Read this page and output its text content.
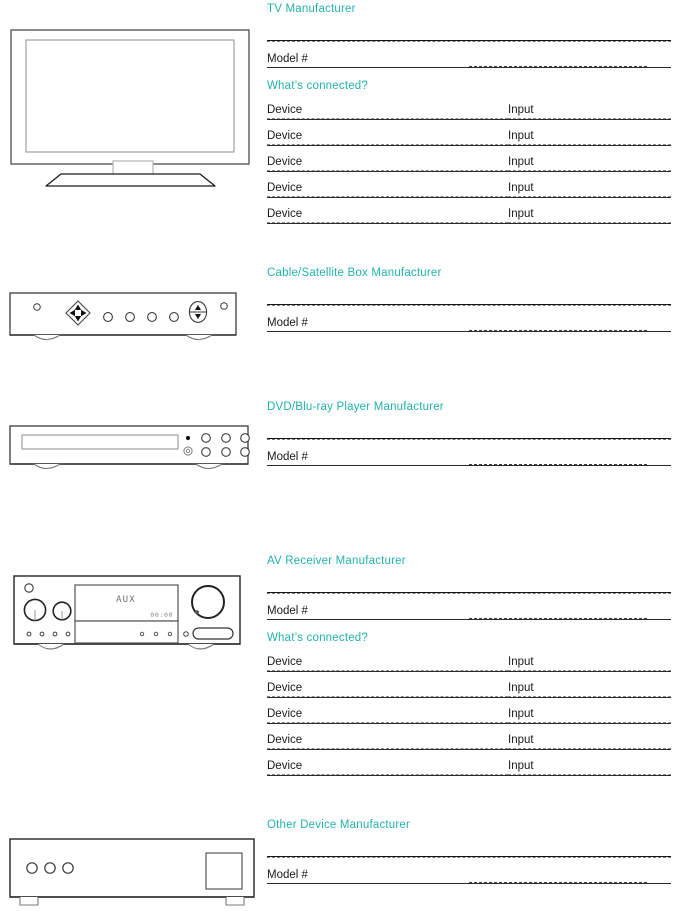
TV Manufacturer
Model #
What’s connected?
Device	Input
Device	Input
Device	Input
Device	Input
Device	Input
Cable/Satellite Box Manufacturer
Model #
DVD/Blu-ray Player Manufacturer
Model #
AUX
00:00
AV Receiver Manufacturer
Model #
What’s connected?
Device	Input
Device	Input
Device	Input
Device	Input
Device	Input
Other Device Manufacturer
Model #
